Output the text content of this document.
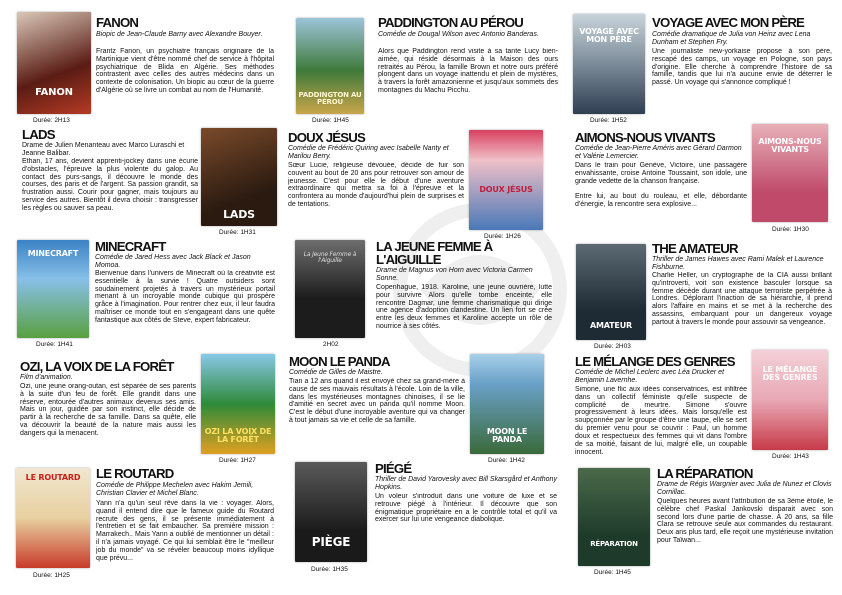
FANON
Durée: 2H13
FANON
Biopic de Jean-Claude Barny avec Alexandre Bouyer.
Frantz Fanon, un psychiatre français originaire de la Martinique vient d'être nommé chef de service à l'hôpital psychiatrique de Blida en Algérie. Ses méthodes contrastent avec celles des autres médecins dans un contexte de colonisation. Un biopic au cœur de la guerre d'Algérie où se livre un combat au nom de l'Humanité.
PADDINGTON AU PÉROU
Durée: 1H45
PADDINGTON AU PÉROU
Comédie de Dougal Wilson avec Antonio Banderas.
Alors que Paddington rend visite à sa tante Lucy bien-aimée, qui réside désormais à la Maison des ours retraités au Pérou, la famille Brown et notre ours préféré plongent dans un voyage inattendu et plein de mystères, à travers la forêt amazonienne et jusqu'aux sommets des montagnes du Machu Picchu.
VOYAGE AVEC MON PÈRE
Durée: 1H52
VOYAGE AVEC MON PÈRE
Comédie dramatique de Julia von Heinz avec Lena Dunham et Stephen Fry.
Une journaliste new-yorkaise propose à son père, rescapé des camps, un voyage en Pologne, son pays d'origine. Elle cherche à comprendre l'histoire de sa famille, tandis que lui n'a aucune envie de déterrer le passé. Un voyage qui s'annonce compliqué !
LADS
Drame de Julien Menanteau avec Marco Luraschi et Jeanne Balibar.
Ethan, 17 ans, devient apprenti-jockey dans une écurie d'obstacles, l'épreuve la plus violente du galop. Au contact des purs-sangs, il découvre le monde des courses, des paris et de l'argent. Sa passion grandit, sa frustration aussi. Courir pour gagner, mais toujours au service des autres. Bientôt il devra choisir : transgresser les règles ou sauver sa peau.	LADS
Durée: 1H31
DOUX JÉSUS
Comédie de Frédéric Quiring avec Isabelle Nanty et Marilou Berry.
Sœur Lucie, religieuse dévouée, décide de fuir son couvent au bout de 20 ans pour retrouver son amour de jeunesse. C'est pour elle le début d'une aventure extraordinaire qui mettra sa foi à l'épreuve et la confrontera au monde d'aujourd'hui plein de surprises et de tentations.
DOUX JÉSUS
Durée: 1H26
AIMONS-NOUS VIVANTS
Comédie de Jean-Pierre Améris avec Gérard Darmon et Valérie Lemercier.
Dans le train pour Genève, Victoire, une passagère envahissante, croise Antoine Toussaint, son idole, une grande vedette de la chanson française.

Entre lui, au bout du rouleau, et elle, débordante d'énergie, la rencontre sera explosive...
AIMONS-NOUS VIVANTS
Durée: 1H30
MINECRAFT
Durée: 1H41
MINECRAFT
Comédie de Jared Hess avec Jack Black et Jason Momoa.
Bienvenue dans l'univers de Minecraft où la créativité est essentielle à la survie ! Quatre outsiders sont soudainement projetés à travers un mystérieux portail menant à un incroyable monde cubique qui prospère grâce à l'imagination. Pour rentrer chez eux, il leur faudra maîtriser ce monde tout en s'engageant dans une quête fantastique aux côtés de Steve, expert fabricateur.
La Jeune Femme à l'Aiguille
2H02
LA JEUNE FEMME À L'AIGUILLE
Drame de Magnus von Horn avec Victoria Carmen Sonne.
Copenhague, 1918. Karoline, une jeune ouvrière, lutte pour survivre Alors qu'elle tombe enceinte, elle rencontre Dagmar, une femme charismatique qui dirige une agence d'adoption clandestine. Un lien fort se crée entre les deux femmes et Karoline accepte un rôle de nourrice à ses côtés.	AMATEUR
Durée: 2H03
THE AMATEUR
Thriller de James Hawes avec Rami Malek et Laurence Fishburne.
Charlie Heller, un cryptographe de la CIA aussi brillant qu'introverti, voit son existence basculer lorsque sa femme décède durant une attaque terroriste perpétrée à Londres. Déplorant l'inaction de sa hiérarchie, il prend alors l'affaire en mains et se met à la recherche des assassins, embarquant pour un dangereux voyage partout à travers le monde pour assouvir sa vengeance.
OZI, LA VOIX DE LA FORÊT
Film d'animation.
Ozi, une jeune orang-outan, est séparée de ses parents à la suite d'un feu de forêt. Elle grandit dans une réserve, entourée d'autres animaux devenus ses amis. Mais un jour, guidée par son instinct, elle décide de partir à la recherche de sa famille. Dans sa quête, elle va découvrir la beauté de la nature mais aussi les dangers qui la menacent.	OZI LA VOIX DE LA FORÊT
Durée: 1H27
MOON LE PANDA
Comédie de Gilles de Maistre.
Tian a 12 ans quand il est envoyé chez sa grand-mère à cause de ses mauvais résultats à l'école. Loin de la ville, dans les mystérieuses montagnes chinoises, il se lie d'amitié en secret avec un panda qu'il nomme Moon. C'est le début d'une incroyable aventure qui va changer à tout jamais sa vie et celle de sa famille.
MOON LE PANDA
Durée: 1H42
LE MÉLANGE DES GENRES
Comédie de Michel Leclerc avec Léa Drucker et Benjamin Lavernhe.
Simone, une flic aux idées conservatrices, est infiltrée dans un collectif féministe qu'elle suspecte de complicité de meurtre. Simone s'ouvre progressivement à leurs idées. Mais lorsqu'elle est soupçonnée par le groupe d'être une taupe, elle se sert du premier venu pour se couvrir : Paul, un homme doux et respectueux des femmes qui vit dans l'ombre de sa moitié, faisant de lui, malgré elle, un coupable innocent.
LE MÉLANGE DES GENRES
Durée: 1H43
LE ROUTARD
Durée: 1H25
LE ROUTARD
Comédie de Philippe Mechelen avec Hakim Jemili, Christian Clavier et Michel Blanc.
Yann n'a qu'un seul rêve dans la vie : voyager. Alors, quand il entend dire que le fameux guide du Routard recrute des gens, il se présente immédiatement à l'entretien et se fait embaucher. Sa première mission : Marrakech.. Mais Yann a oublié de mentionner un détail : il n'a jamais voyagé. Ce qui lui semblait être le "meilleur job du monde" va se révéler beaucoup moins idyllique que prévu...
PIÈGE
Durée: 1H35
PIÉGÉ
Thriller de David Yarovesky avec Bill Skarsgård et Anthony Hopkins.
Un voleur s'introduit dans une voiture de luxe et se retrouve piégé à l'intérieur. Il découvre que son énigmatique propriétaire en a le contrôle total et qu'il va exercer sur lui une vengeance diabolique.
RÉPARATION
Durée: 1H45
LA RÉPARATION
Drame de Régis Wargnier avec Julia de Nunez et Clovis Cornillac.
Quelques heures avant l'attribution de sa 3ème étoile, le célèbre chef Paskal Jankovski disparait avec son second lors d'une partie de chasse. À 20 ans, sa fille Clara se retrouve seule aux commandes du restaurant. Deux ans plus tard, elle reçoit une mystérieuse invitation pour Taïwan...
